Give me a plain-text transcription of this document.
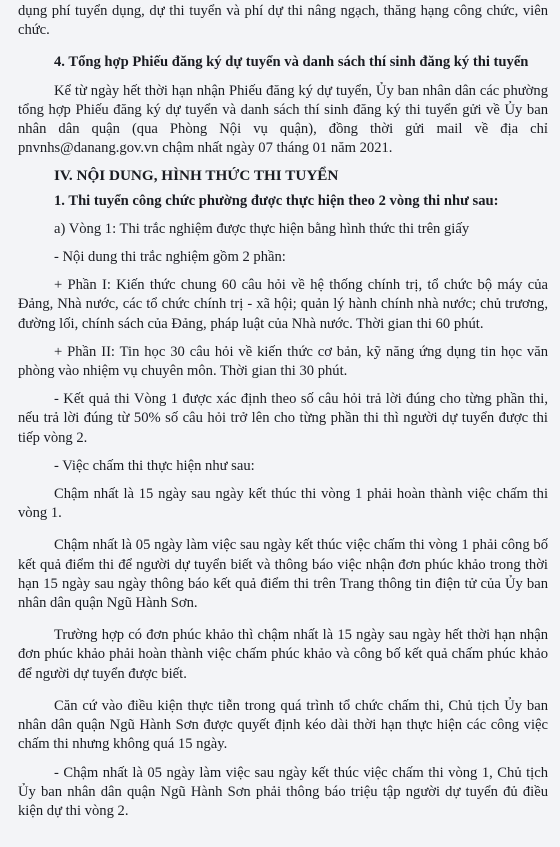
dụng phí tuyển dụng, dự thi tuyển và phí dự thi nâng ngạch, thăng hạng công chức, viên chức.

4. Tổng hợp Phiếu đăng ký dự tuyển và danh sách thí sinh đăng ký thi tuyển

Kể từ ngày hết thời hạn nhận Phiếu đăng ký dự tuyển, Ủy ban nhân dân các phường tổng hợp Phiếu đăng ký dự tuyển và danh sách thí sinh đăng ký thi tuyển gửi về Ủy ban nhân dân quận (qua Phòng Nội vụ quận), đồng thời gửi mail về địa chỉ pnvnhs@danang.gov.vn chậm nhất ngày 07 tháng 01 năm 2021.

IV. NỘI DUNG, HÌNH THỨC THI TUYỂN

1. Thi tuyển công chức phường được thực hiện theo 2 vòng thi như sau:

a) Vòng 1: Thi trắc nghiệm được thực hiện bằng hình thức thi trên giấy

- Nội dung thi trắc nghiệm gồm 2 phần:

+ Phần I: Kiến thức chung 60 câu hỏi về hệ thống chính trị, tổ chức bộ máy của Đảng, Nhà nước, các tổ chức chính trị - xã hội; quản lý hành chính nhà nước; chủ trương, đường lối, chính sách của Đảng, pháp luật của Nhà nước. Thời gian thi 60 phút.

+ Phần II: Tin học 30 câu hỏi về kiến thức cơ bản, kỹ năng ứng dụng tin học văn phòng vào nhiệm vụ chuyên môn. Thời gian thi 30 phút.

- Kết quả thi Vòng 1 được xác định theo số câu hỏi trả lời đúng cho từng phần thi, nếu trả lời đúng từ 50% số câu hỏi trở lên cho từng phần thi thì người dự tuyển được thi tiếp vòng 2.

- Việc chấm thi thực hiện như sau:

Chậm nhất là 15 ngày sau ngày kết thúc thi vòng 1 phải hoàn thành việc chấm thi vòng 1.

Chậm nhất là 05 ngày làm việc sau ngày kết thúc việc chấm thi vòng 1 phải công bố kết quả điểm thi để người dự tuyển biết và thông báo việc nhận đơn phúc khảo trong thời hạn 15 ngày sau ngày thông báo kết quả điểm thi trên Trang thông tin điện tử của Ủy ban nhân dân quận Ngũ Hành Sơn.

Trường hợp có đơn phúc khảo thì chậm nhất là 15 ngày sau ngày hết thời hạn nhận đơn phúc khảo phải hoàn thành việc chấm phúc khảo và công bố kết quả chấm phúc khảo để người dự tuyển được biết.

Căn cứ vào điều kiện thực tiễn trong quá trình tổ chức chấm thi, Chủ tịch Ủy ban nhân dân quận Ngũ Hành Sơn được quyết định kéo dài thời hạn thực hiện các công việc chấm thi nhưng không quá 15 ngày.

- Chậm nhất là 05 ngày làm việc sau ngày kết thúc việc chấm thi vòng 1, Chủ tịch Ủy ban nhân dân quận Ngũ Hành Sơn phải thông báo triệu tập người dự tuyển đủ điều kiện dự thi vòng 2.
